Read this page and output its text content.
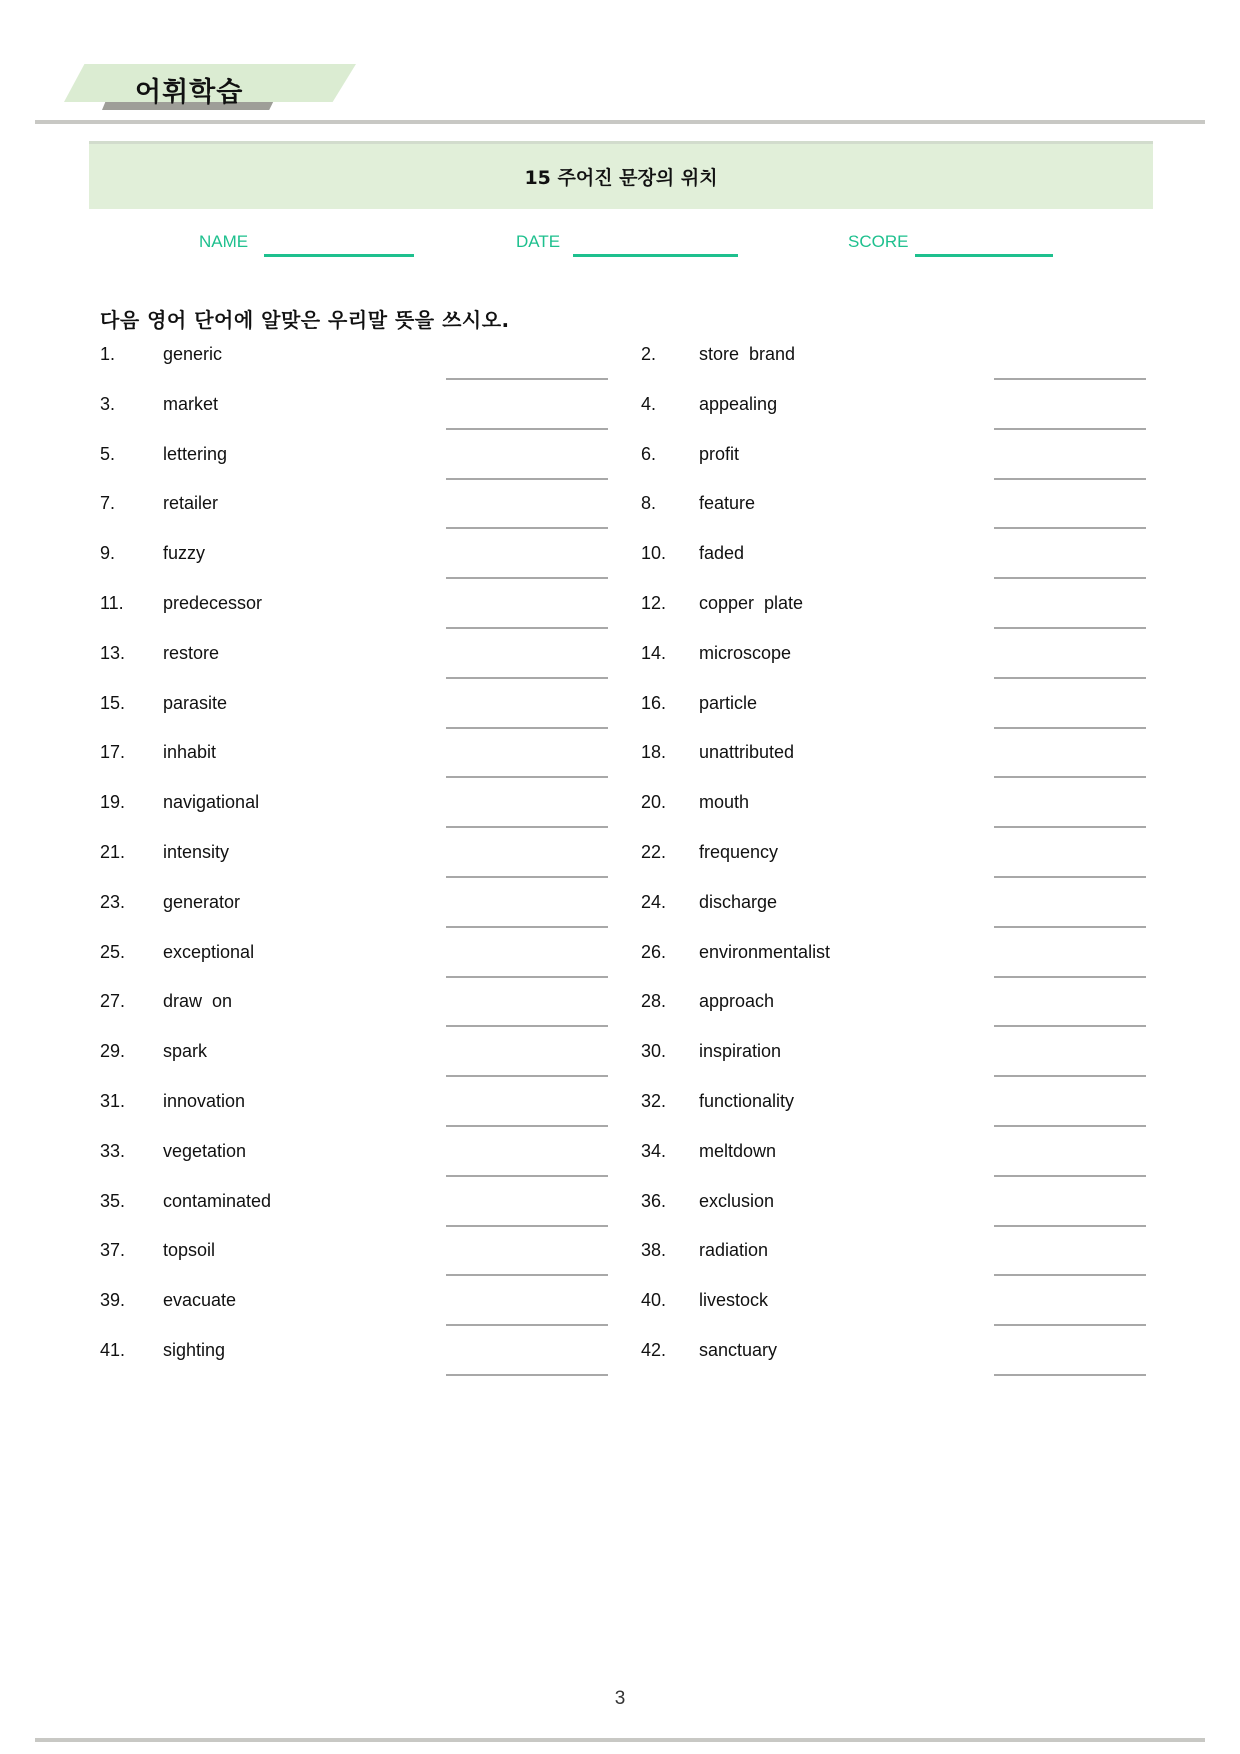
어휘학습
15 주어진 문장의 위치
NAME	DATE	SCORE
다음 영어 단어에 알맞은 우리말 뜻을 쓰시오.
1.	generic	2. store  brand
3.	market	4. appealing
5.	lettering	6. profit
7.	retailer	8. feature
9.	fuzzy	10. faded
11. predecessor	12. copper  plate
13. restore	14. microscope
15. parasite	16. particle
17. inhabit	18. unattributed
19. navigational	20. mouth
21. intensity	22. frequency
23. generator	24. discharge
25. exceptional	26. environmentalist
27. draw  on	28. approach
29. spark	30. inspiration
31. innovation	32. functionality
33. vegetation	34. meltdown
35. contaminated	36. exclusion
37. topsoil	38. radiation
39. evacuate	40. livestock
41. sighting	42. sanctuary
3
